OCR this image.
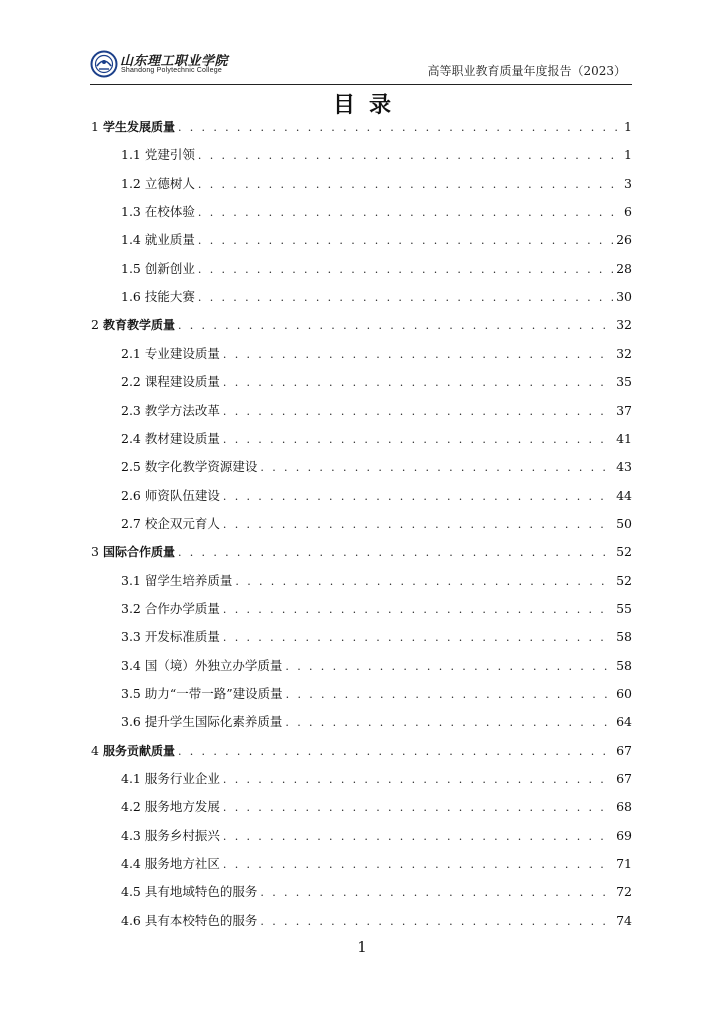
山东理工职业学院
Shandong Polytechnic College	高等职业教育质量年度报告（2023）
目录
1 学生发展质量 . . .	1
1.1 党建引领 . . .	1
1.2 立德树人 . . .	3
1.3 在校体验 . . .	6
1.4 就业质量 . . .	26
1.5 创新创业 . . .	28
1.6 技能大赛 . . .	30
2 教育教学质量 . . .	32
2.1 专业建设质量 . . .	32
2.2 课程建设质量 . . .	35
2.3 教学方法改革 . . .	37
2.4 教材建设质量 . . .	41
2.5 数字化教学资源建设 . . .	43
2.6 师资队伍建设 . . .	44
2.7 校企双元育人 . . .	50
3 国际合作质量 . . .	52
3.1 留学生培养质量 . . .	52
3.2 合作办学质量 . . .	55
3.3 开发标准质量 . . .	58
3.4 国（境）外独立办学质量 . . .	58
3.5 助力“一带一路”建设质量 . . .	60
3.6 提升学生国际化素养质量 . . .	64
4 服务贡献质量 . . .	67
4.1 服务行业企业 . . .	67
4.2 服务地方发展 . . .	68
4.3 服务乡村振兴 . . .	69
4.4 服务地方社区 . . .	71
4.5 具有地域特色的服务 . . .	72
4.6 具有本校特色的服务 . . .	74
1
